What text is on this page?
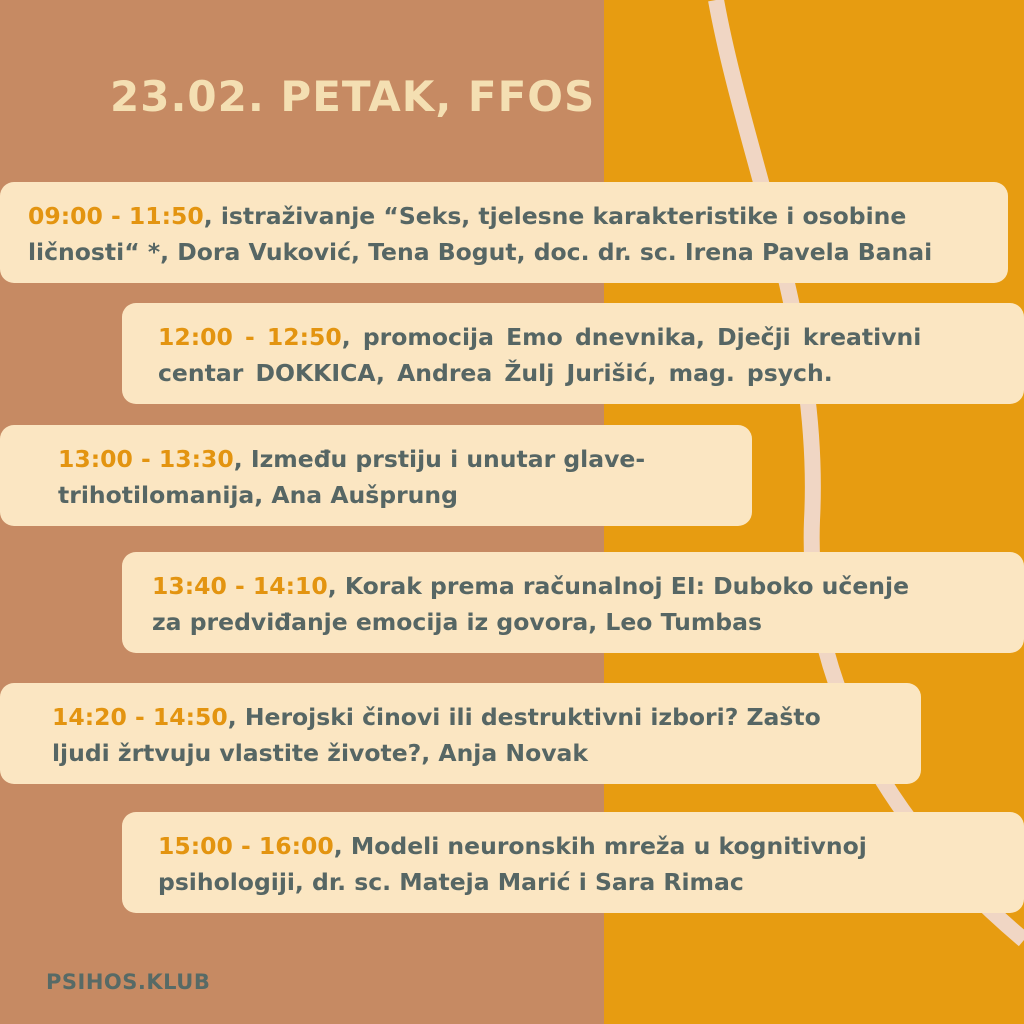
23.02. PETAK, FFOS
09:00 - 11:50, istraživanje “Seks, tjelesne karakteristike i osobine
ličnosti“ *, Dora Vuković, Tena Bogut, doc. dr. sc. Irena Pavela Banai
12:00 - 12:50, promocija Emo dnevnika, Dječji kreativni
centar DOKKICA, Andrea Žulj Jurišić, mag. psych.
13:00 - 13:30, Između prstiju i unutar glave-
trihotilomanija, Ana Aušprung
13:40 - 14:10, Korak prema računalnoj EI: Duboko učenje
za predviđanje emocija iz govora, Leo Tumbas
14:20 - 14:50, Herojski činovi ili destruktivni izbori? Zašto
ljudi žrtvuju vlastite živote?, Anja Novak
15:00 - 16:00, Modeli neuronskih mreža u kognitivnoj
psihologiji, dr. sc. Mateja Marić i Sara Rimac
PSIHOS.KLUB
